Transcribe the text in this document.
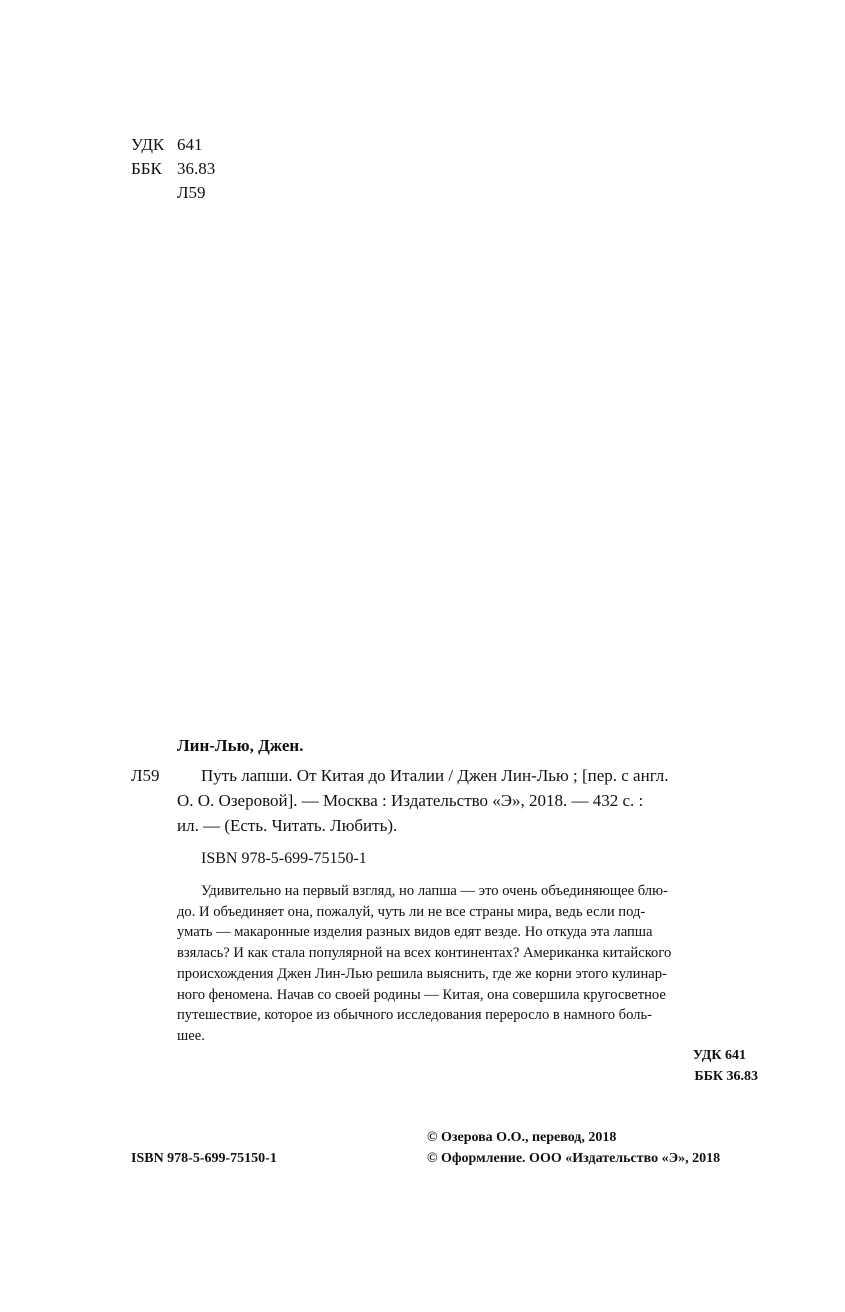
УДК 641
ББК 36.83
Л59
Лин-Лью, Джен.
Л59 Путь лапши. От Китая до Италии / Джен Лин-Лью ; [пер. с англ.
О. О. Озеровой]. — Москва : Издательство «Э», 2018. — 432 с. :
ил. — (Есть. Читать. Любить).
ISBN 978-5-699-75150-1
Удивительно на первый взгляд, но лапша — это очень объединяющее блю-
до. И объединяет она, пожалуй, чуть ли не все страны мира, ведь если под-
умать — макаронные изделия разных видов едят везде. Но откуда эта лапша
взялась? И как стала популярной на всех континентах? Американка китайского
происхождения Джен Лин-Лью решила выяснить, где же корни этого кулинар-
ного феномена. Начав со своей родины — Китая, она совершила кругосветное
путешествие, которое из обычного исследования переросло в намного боль-
шее.
УДК 641
ББК 36.83
© Озерова О.О., перевод, 2018
ISBN 978-5-699-75150-1	© Оформление. ООО «Издательство «Э», 2018
